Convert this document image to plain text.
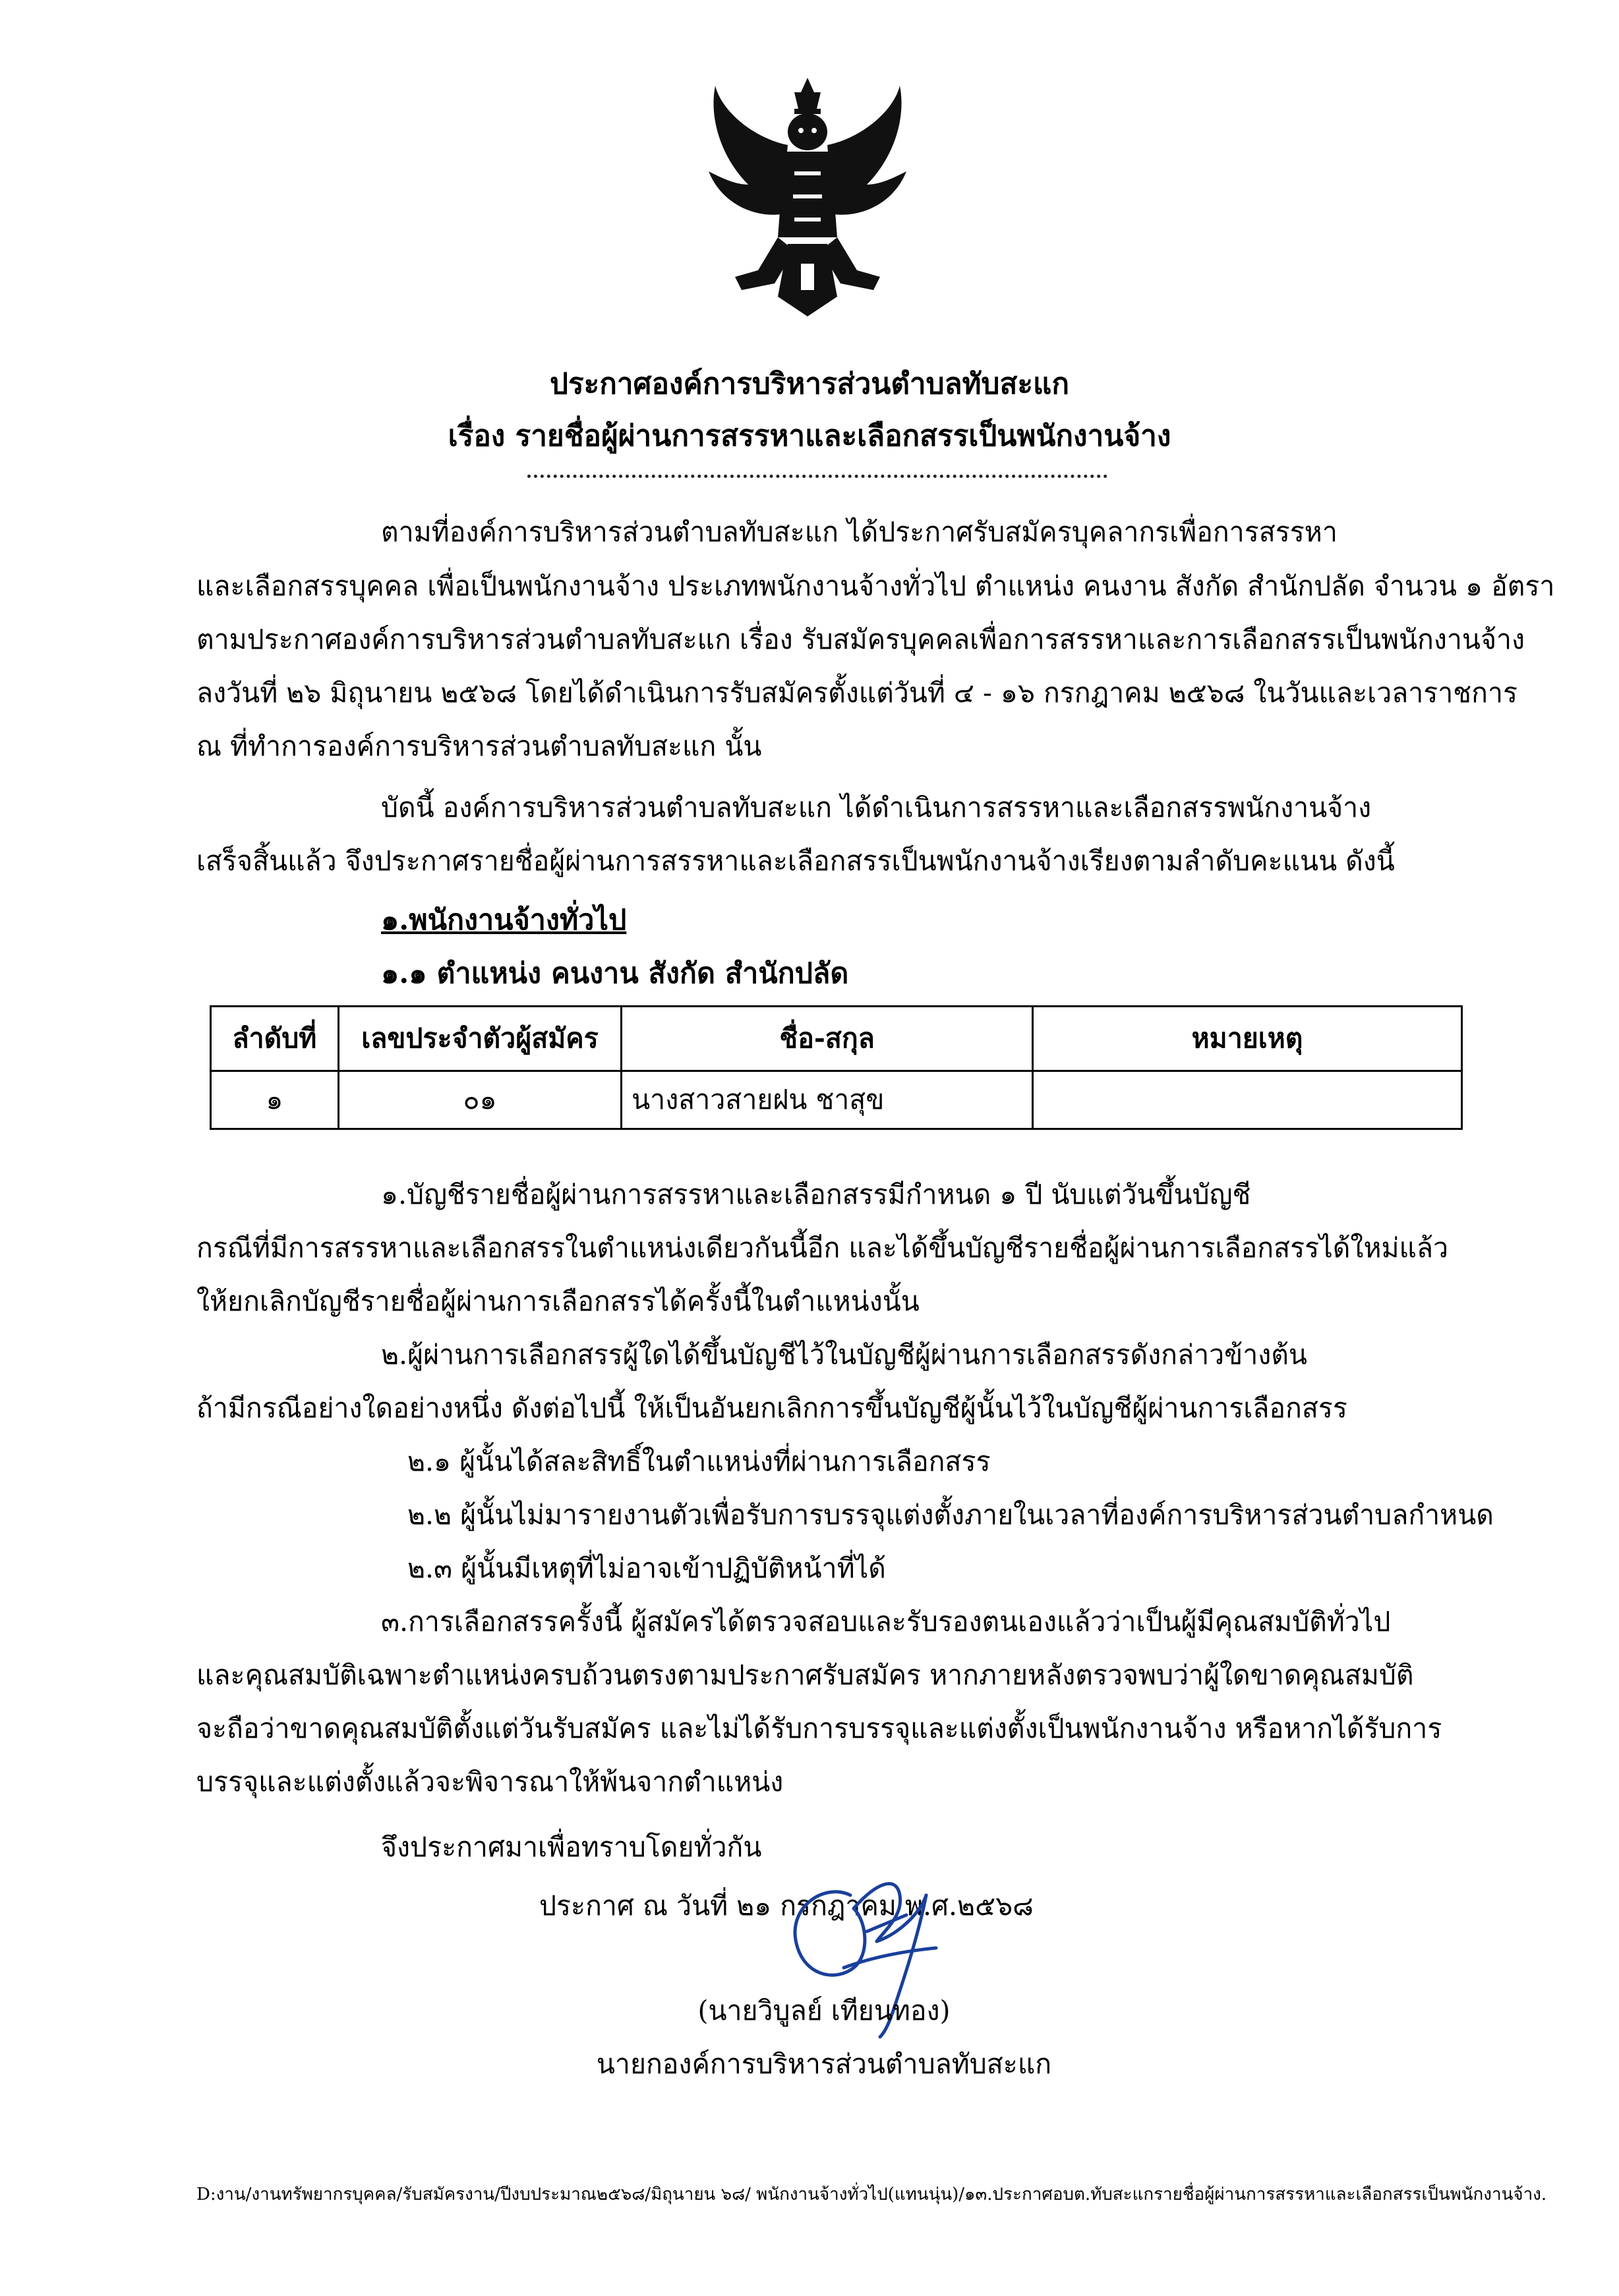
ประกาศองค์การบริหารส่วนตำบลทับสะแก
เรื่อง รายชื่อผู้ผ่านการสรรหาและเลือกสรรเป็นพนักงานจ้าง
ตามที่องค์การบริหารส่วนตำบลทับสะแก ได้ประกาศรับสมัครบุคลากรเพื่อการสรรหา
และเลือกสรรบุคคล เพื่อเป็นพนักงานจ้าง ประเภทพนักงานจ้างทั่วไป ตำแหน่ง คนงาน สังกัด สำนักปลัด จำนวน ๑ อัตรา
ตามประกาศองค์การบริหารส่วนตำบลทับสะแก เรื่อง รับสมัครบุคคลเพื่อการสรรหาและการเลือกสรรเป็นพนักงานจ้าง
ลงวันที่ ๒๖ มิถุนายน ๒๕๖๘ โดยได้ดำเนินการรับสมัครตั้งแต่วันที่ ๔ - ๑๖ กรกฎาคม ๒๕๖๘ ในวันและเวลาราชการ
ณ ที่ทำการองค์การบริหารส่วนตำบลทับสะแก นั้น
บัดนี้ องค์การบริหารส่วนตำบลทับสะแก ได้ดำเนินการสรรหาและเลือกสรรพนักงานจ้าง
เสร็จสิ้นแล้ว จึงประกาศรายชื่อผู้ผ่านการสรรหาและเลือกสรรเป็นพนักงานจ้างเรียงตามลำดับคะแนน ดังนี้
๑.พนักงานจ้างทั่วไป
๑.๑ ตำแหน่ง คนงาน สังกัด สำนักปลัด
ลำดับที่	เลขประจำตัวผู้สมัคร	ชื่อ-สกุล	หมายเหตุ
๑	๐๑	นางสาวสายฝน ชาสุข	
๑.บัญชีรายชื่อผู้ผ่านการสรรหาและเลือกสรรมีกำหนด ๑ ปี นับแต่วันขึ้นบัญชี
กรณีที่มีการสรรหาและเลือกสรรในตำแหน่งเดียวกันนี้อีก และได้ขึ้นบัญชีรายชื่อผู้ผ่านการเลือกสรรได้ใหม่แล้ว
ให้ยกเลิกบัญชีรายชื่อผู้ผ่านการเลือกสรรได้ครั้งนี้ในตำแหน่งนั้น
๒.ผู้ผ่านการเลือกสรรผู้ใดได้ขึ้นบัญชีไว้ในบัญชีผู้ผ่านการเลือกสรรดังกล่าวข้างต้น
ถ้ามีกรณีอย่างใดอย่างหนึ่ง ดังต่อไปนี้ ให้เป็นอันยกเลิกการขึ้นบัญชีผู้นั้นไว้ในบัญชีผู้ผ่านการเลือกสรร
๒.๑ ผู้นั้นได้สละสิทธิ์ในตำแหน่งที่ผ่านการเลือกสรร
๒.๒ ผู้นั้นไม่มารายงานตัวเพื่อรับการบรรจุแต่งตั้งภายในเวลาที่องค์การบริหารส่วนตำบลกำหนด
๒.๓ ผู้นั้นมีเหตุที่ไม่อาจเข้าปฏิบัติหน้าที่ได้
๓.การเลือกสรรครั้งนี้ ผู้สมัครได้ตรวจสอบและรับรองตนเองแล้วว่าเป็นผู้มีคุณสมบัติทั่วไป
และคุณสมบัติเฉพาะตำแหน่งครบถ้วนตรงตามประกาศรับสมัคร หากภายหลังตรวจพบว่าผู้ใดขาดคุณสมบัติ
จะถือว่าขาดคุณสมบัติตั้งแต่วันรับสมัคร และไม่ได้รับการบรรจุและแต่งตั้งเป็นพนักงานจ้าง หรือหากได้รับการ
บรรจุและแต่งตั้งแล้วจะพิจารณาให้พ้นจากตำแหน่ง
จึงประกาศมาเพื่อทราบโดยทั่วกัน
ประกาศ ณ วันที่ ๒๑ กรกฎาคม พ.ศ.๒๕๖๘
(นายวิบูลย์ เทียนทอง)
นายกองค์การบริหารส่วนตำบลทับสะแก
D:งาน/งานทรัพยากรบุคคล/รับสมัครงาน/ปีงบประมาณ๒๕๖๘/มิถุนายน ๖๘/ พนักงานจ้างทั่วไป(แทนนุ่น)/๑๓.ประกาศอบต.ทับสะแกรายชื่อผู้ผ่านการสรรหาและเลือกสรรเป็นพนักงานจ้าง.
